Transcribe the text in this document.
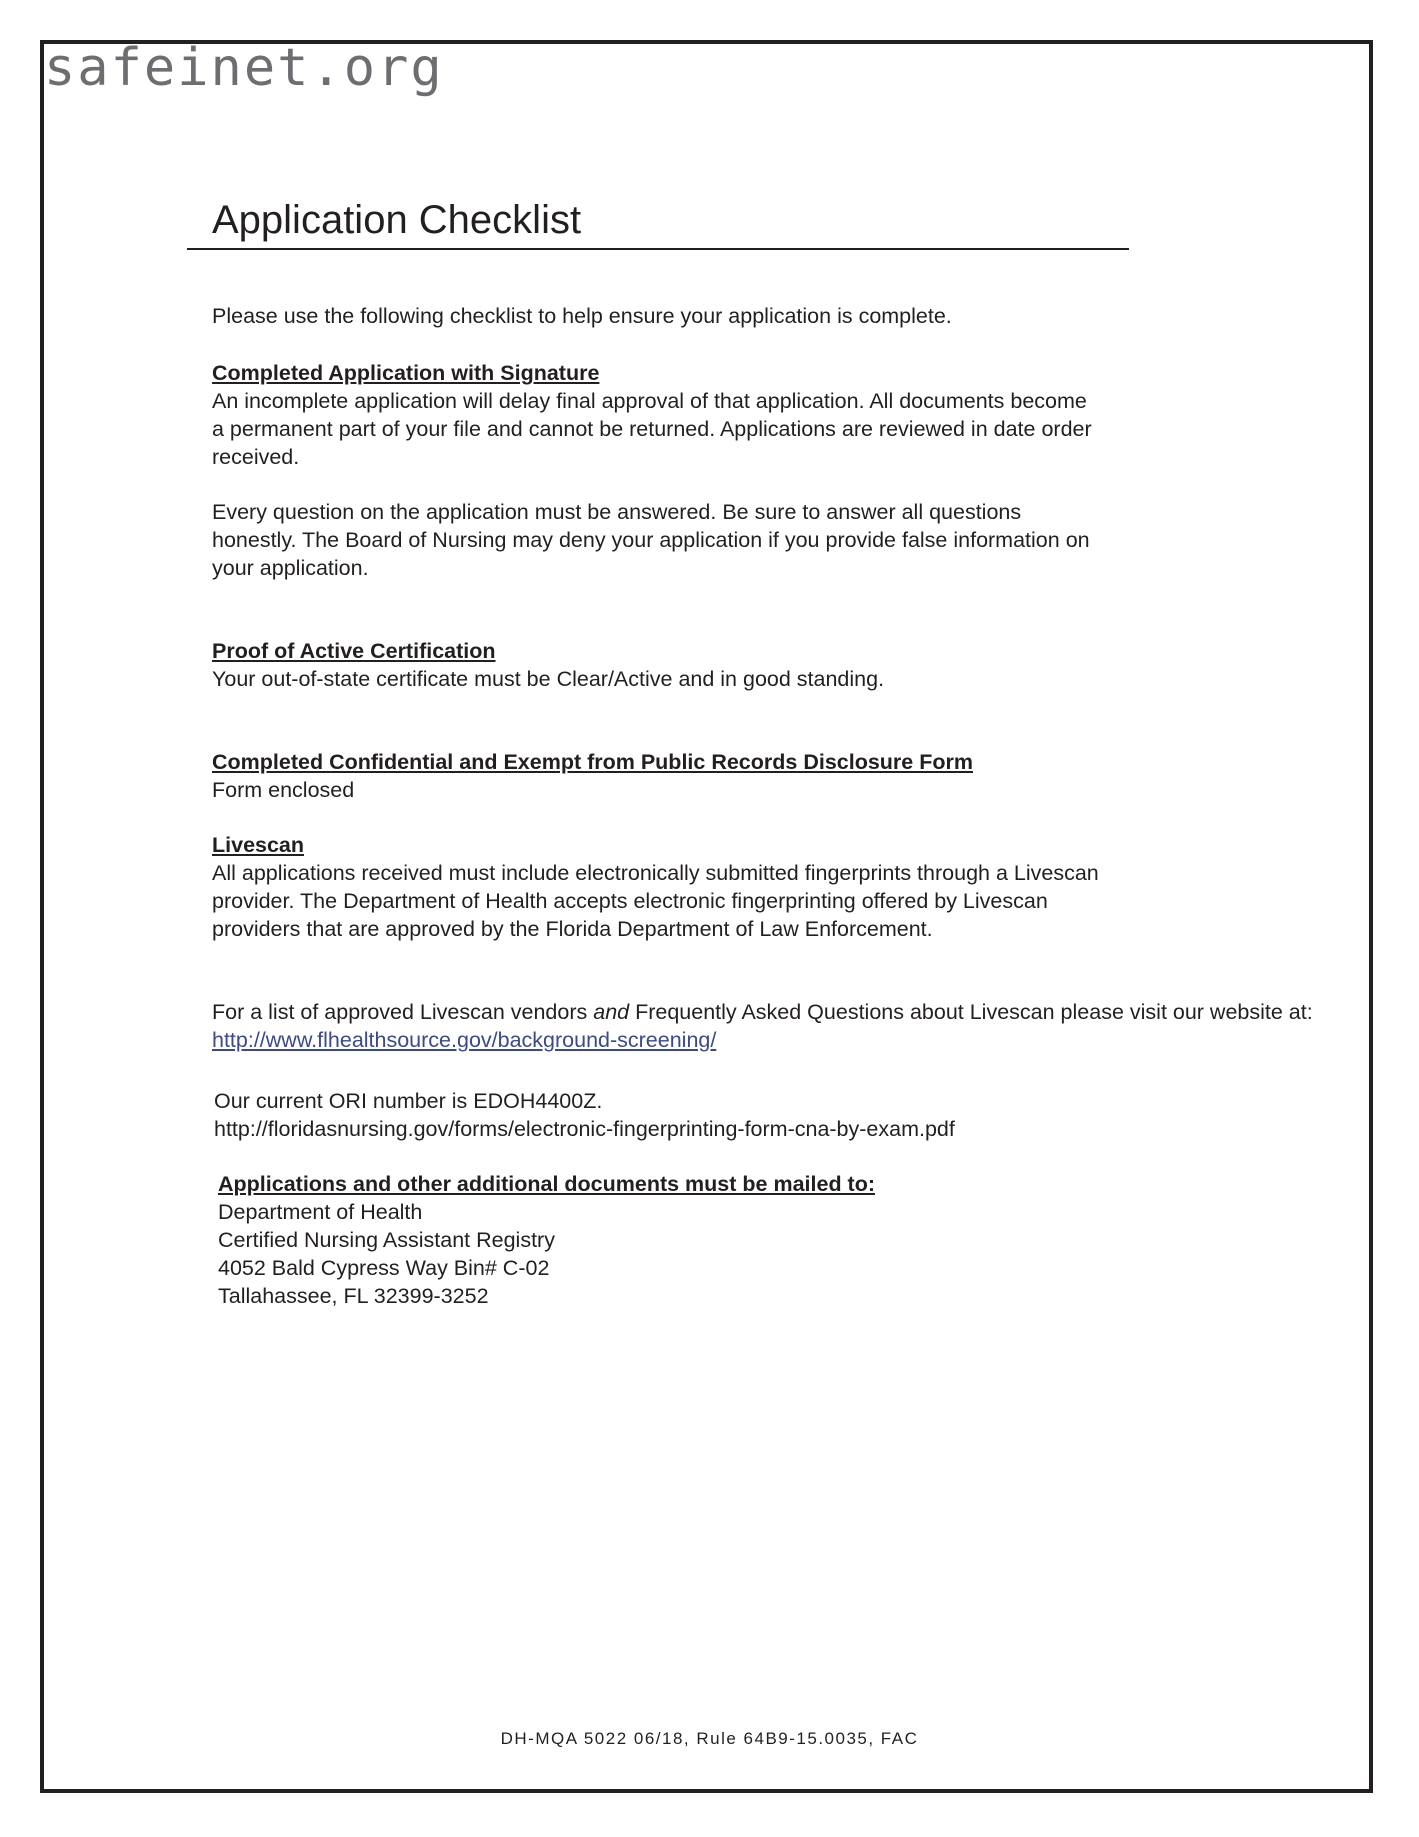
safeinet.org
Application Checklist

Please use the following checklist to help ensure your application is complete.

Completed Application with Signature

An incomplete application will delay final approval of that application. All documents become

a permanent part of your file and cannot be returned. Applications are reviewed in date order

received.

Every question on the application must be answered. Be sure to answer all questions

honestly. The Board of Nursing may deny your application if you provide false information on

your application.

Proof of Active Certification

Your out-of-state certificate must be Clear/Active and in good standing.

Completed Confidential and Exempt from Public Records Disclosure Form

Form enclosed

Livescan

All applications received must include electronically submitted fingerprints through a Livescan

provider. The Department of Health accepts electronic fingerprinting offered by Livescan

providers that are approved by the Florida Department of Law Enforcement.

For a list of approved Livescan vendors and Frequently Asked Questions about Livescan please visit our website at:

http://www.flhealthsource.gov/background-screening/

Our current ORI number is EDOH4400Z.

http://floridasnursing.gov/forms/electronic-fingerprinting-form-cna-by-exam.pdf

Applications and other additional documents must be mailed to:

Department of Health

Certified Nursing Assistant Registry

4052 Bald Cypress Way Bin# C-02

Tallahassee, FL 32399-3252

DH-MQA 5022 06/18, Rule 64B9-15.0035, FAC
